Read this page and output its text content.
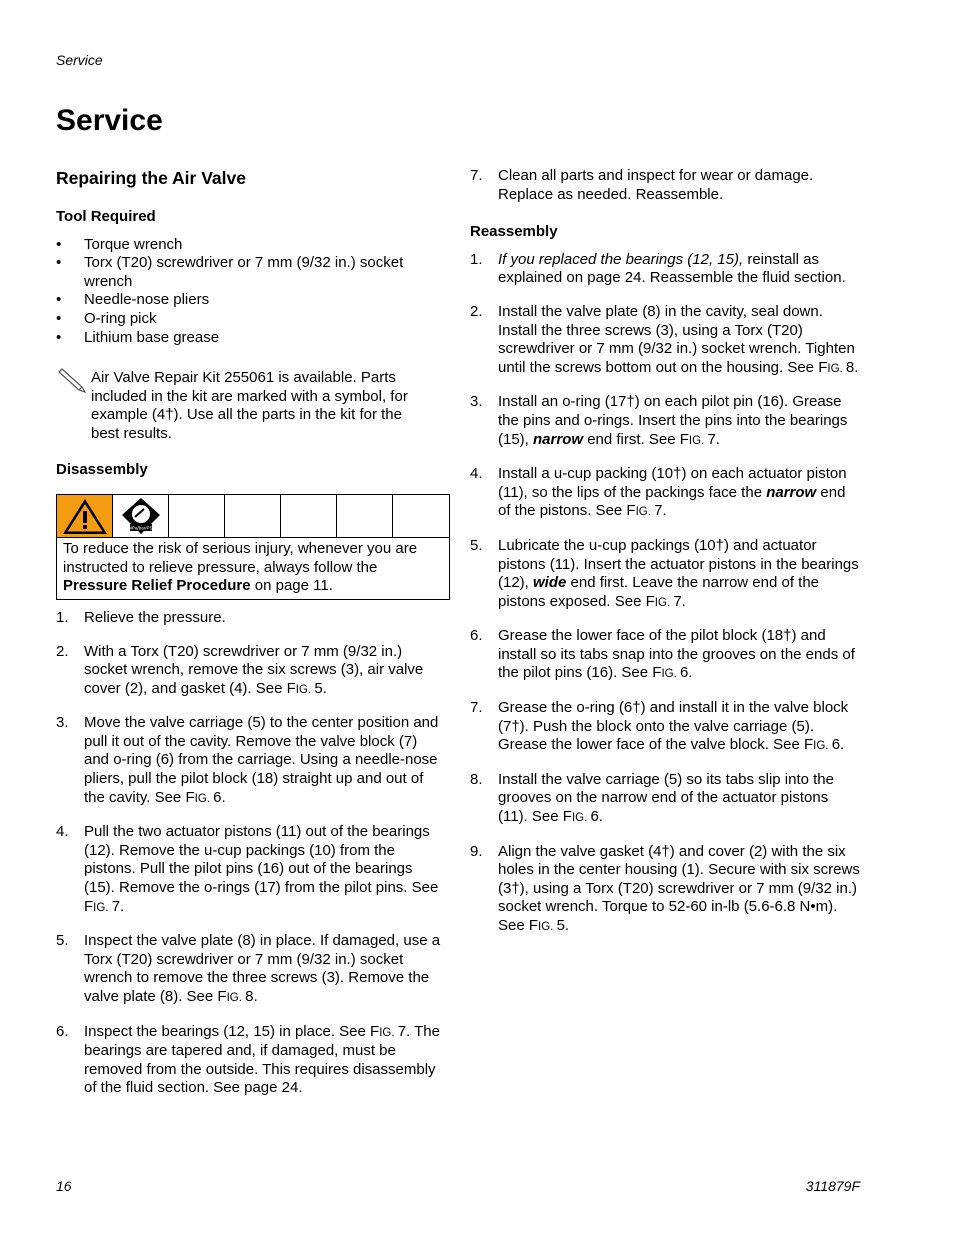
Service
Service
Repairing the Air Valve
Tool Required
• Torque wrench
• Torx (T20) screwdriver or 7 mm (9/32 in.) socket wrench
• Needle-nose pliers
• O-ring pick
• Lithium base grease
Air Valve Repair Kit 255061 is available. Parts included in the kit are marked with a symbol, for example (4†). Use all the parts in the kit for the best results.
Disassembly
MPa/bar/PSI
To reduce the risk of serious injury, whenever you are instructed to relieve pressure, always follow the Pressure Relief Procedure on page 11.
1. Relieve the pressure.
2. With a Torx (T20) screwdriver or 7 mm (9/32 in.) socket wrench, remove the six screws (3), air valve cover (2), and gasket (4). See FIG. 5.
3. Move the valve carriage (5) to the center position and pull it out of the cavity. Remove the valve block (7) and o-ring (6) from the carriage. Using a needle-nose pliers, pull the pilot block (18) straight up and out of the cavity. See FIG. 6.
4. Pull the two actuator pistons (11) out of the bearings (12). Remove the u-cup packings (10) from the pistons. Pull the pilot pins (16) out of the bearings (15). Remove the o-rings (17) from the pilot pins. See FIG. 7.
5. Inspect the valve plate (8) in place. If damaged, use a Torx (T20) screwdriver or 7 mm (9/32 in.) socket wrench to remove the three screws (3). Remove the valve plate (8). See FIG. 8.
6. Inspect the bearings (12, 15) in place. See FIG. 7. The bearings are tapered and, if damaged, must be removed from the outside. This requires disassembly of the fluid section. See page 24.
7. Clean all parts and inspect for wear or damage. Replace as needed. Reassemble.
Reassembly
1. If you replaced the bearings (12, 15), reinstall as explained on page 24. Reassemble the fluid section.
2. Install the valve plate (8) in the cavity, seal down. Install the three screws (3), using a Torx (T20) screwdriver or 7 mm (9/32 in.) socket wrench. Tighten until the screws bottom out on the housing. See FIG. 8.
3. Install an o-ring (17†) on each pilot pin (16). Grease the pins and o-rings. Insert the pins into the bearings (15), narrow end first. See FIG. 7.
4. Install a u-cup packing (10†) on each actuator piston (11), so the lips of the packings face the narrow end of the pistons. See FIG. 7.
5. Lubricate the u-cup packings (10†) and actuator pistons (11). Insert the actuator pistons in the bearings (12), wide end first. Leave the narrow end of the pistons exposed. See FIG. 7.
6. Grease the lower face of the pilot block (18†) and install so its tabs snap into the grooves on the ends of the pilot pins (16). See FIG. 6.
7. Grease the o-ring (6†) and install it in the valve block (7†). Push the block onto the valve carriage (5). Grease the lower face of the valve block. See FIG. 6.
8. Install the valve carriage (5) so its tabs slip into the grooves on the narrow end of the actuator pistons (11). See FIG. 6.
9. Align the valve gasket (4†) and cover (2) with the six holes in the center housing (1). Secure with six screws (3†), using a Torx (T20) screwdriver or 7 mm (9/32 in.) socket wrench. Torque to 52-60 in-lb (5.6-6.8 N•m). See FIG. 5.
16	311879F
